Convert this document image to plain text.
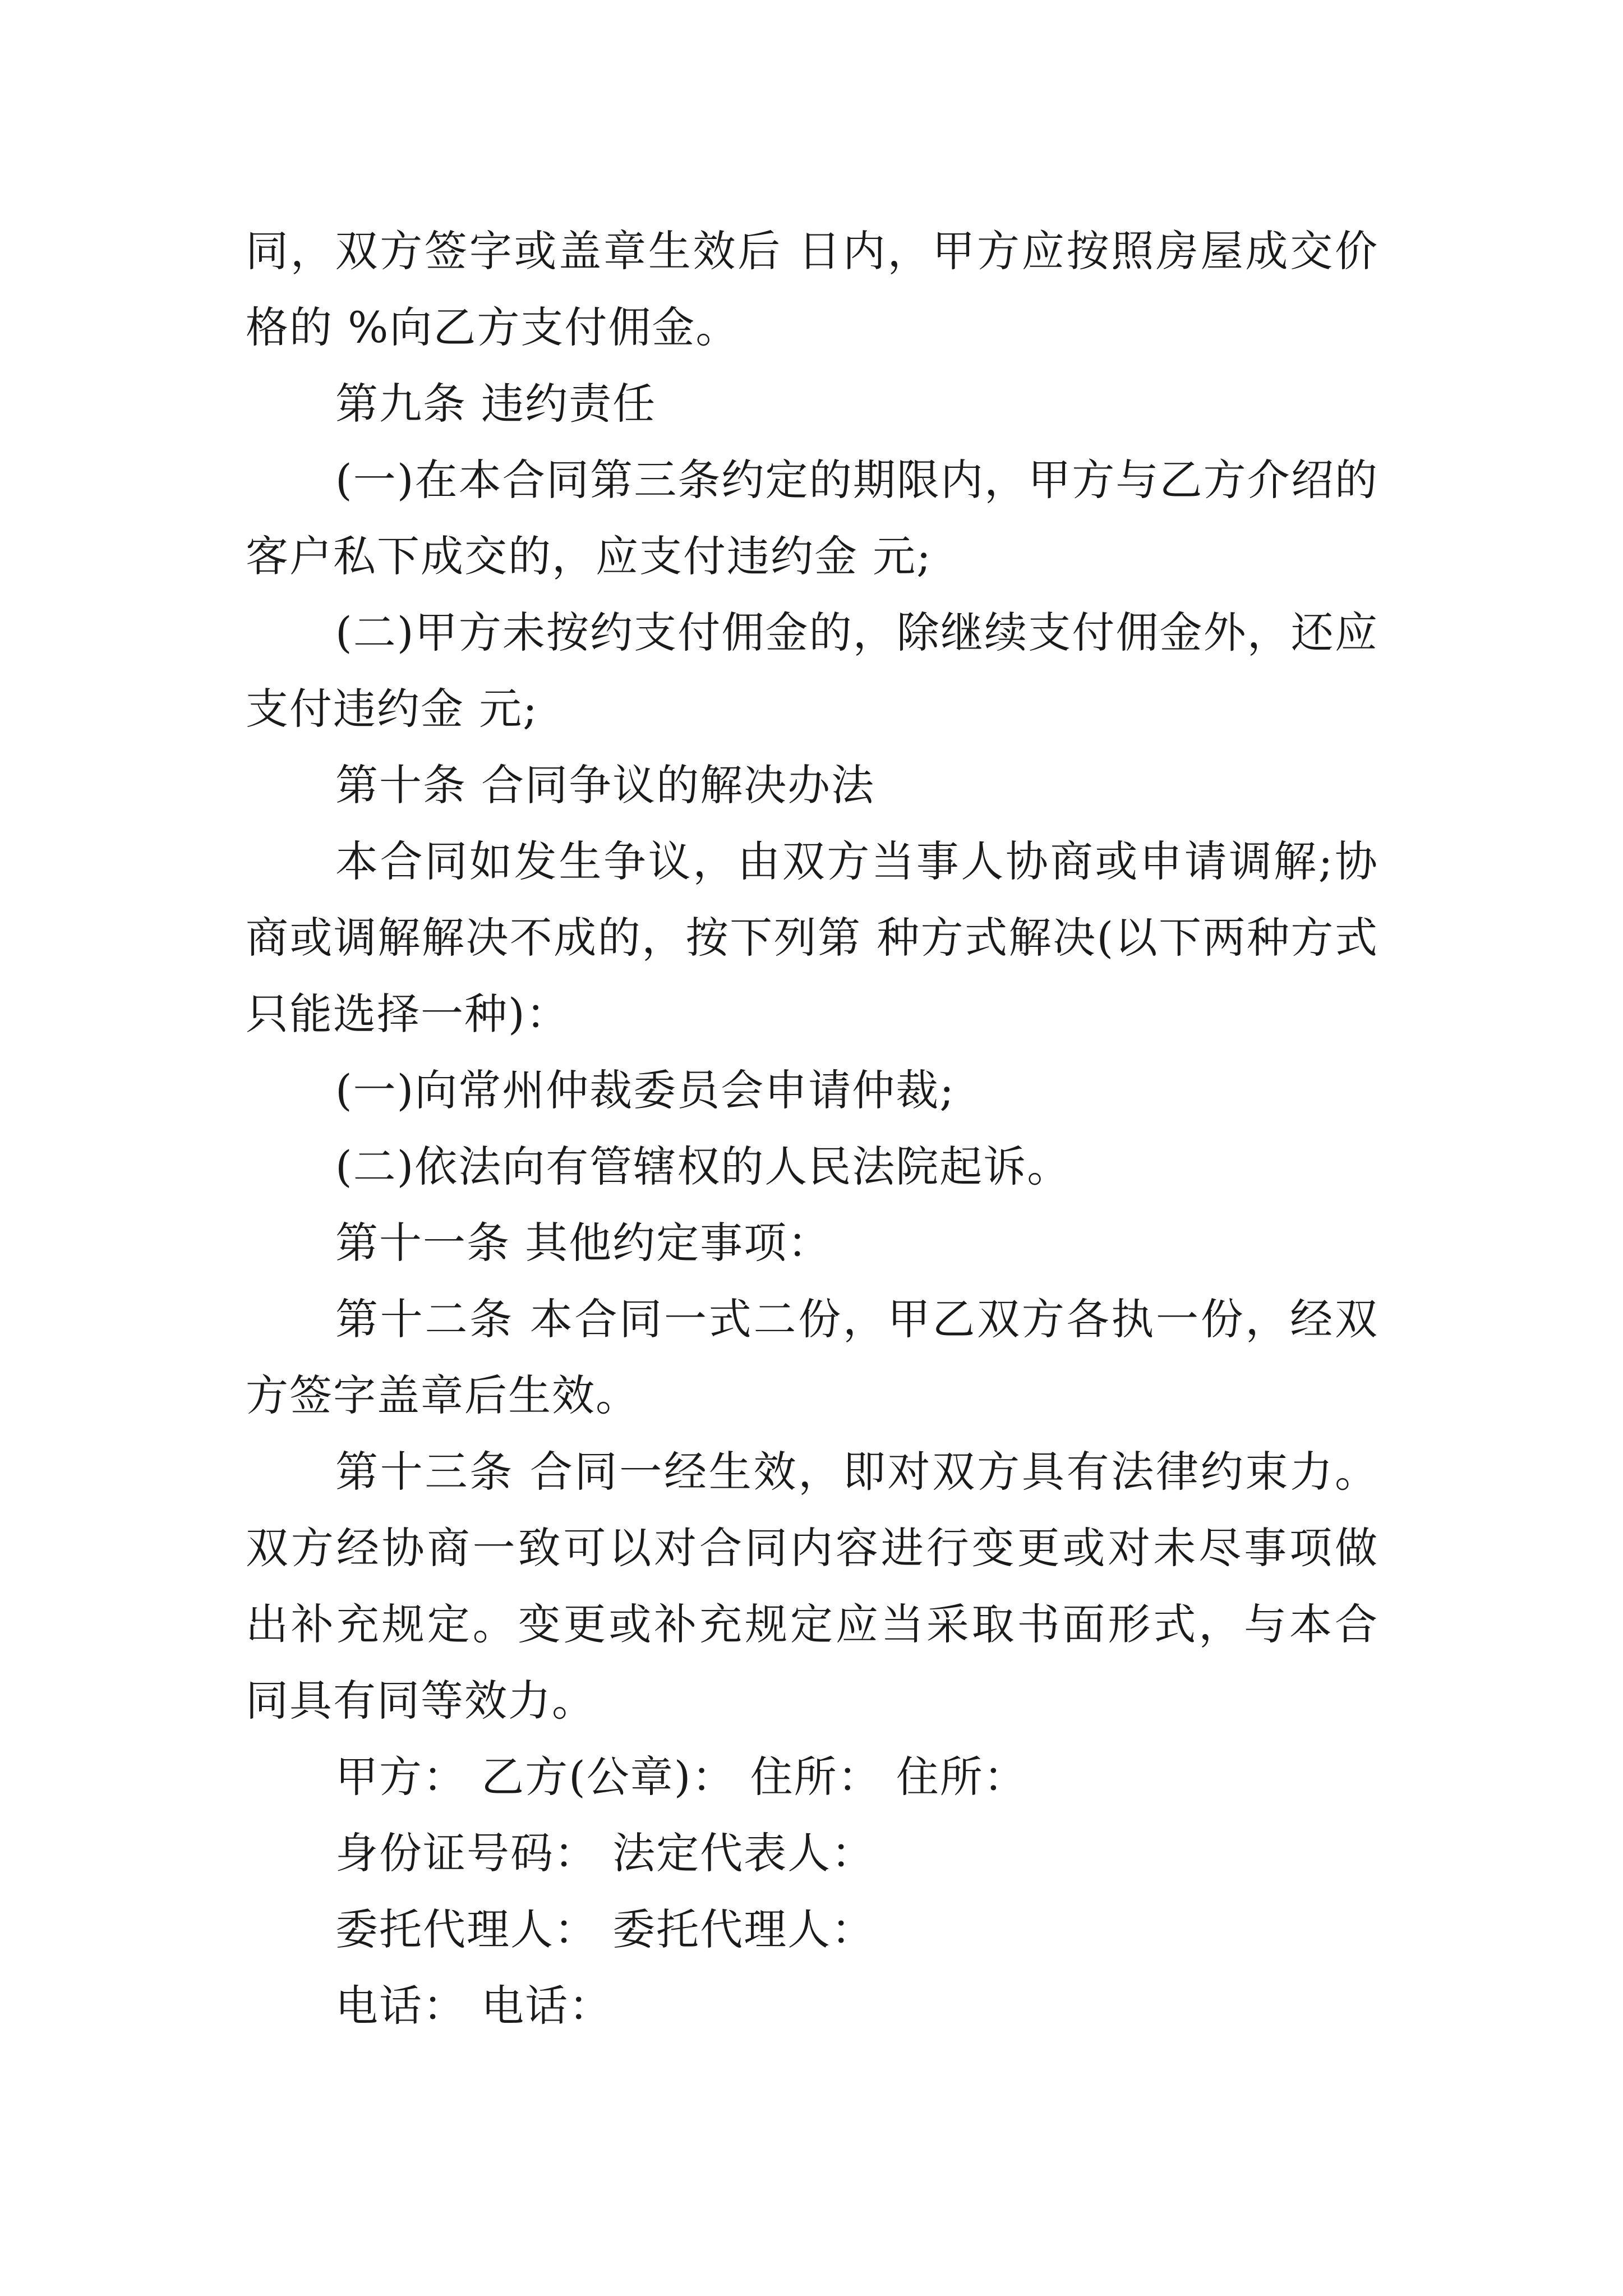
同，双方签字或盖章生效后 日内，甲方应按照房屋成交价格的 %向乙方支付佣金。

第九条 违约责任

(一)在本合同第三条约定的期限内，甲方与乙方介绍的客户私下成交的，应支付违约金 元;

(二)甲方未按约支付佣金的，除继续支付佣金外，还应支付违约金 元;

第十条 合同争议的解决办法

本合同如发生争议，由双方当事人协商或申请调解;协商或调解解决不成的，按下列第 种方式解决(以下两种方式只能选择一种)：

(一)向常州仲裁委员会申请仲裁;

(二)依法向有管辖权的人民法院起诉。

第十一条 其他约定事项：

第十二条 本合同一式二份，甲乙双方各执一份，经双方签字盖章后生效。

第十三条 合同一经生效，即对双方具有法律约束力。双方经协商一致可以对合同内容进行变更或对未尽事项做出补充规定。变更或补充规定应当采取书面形式，与本合同具有同等效力。

甲方： 乙方(公章)： 住所： 住所：

身份证号码： 法定代表人：

委托代理人： 委托代理人：

电话： 电话：
